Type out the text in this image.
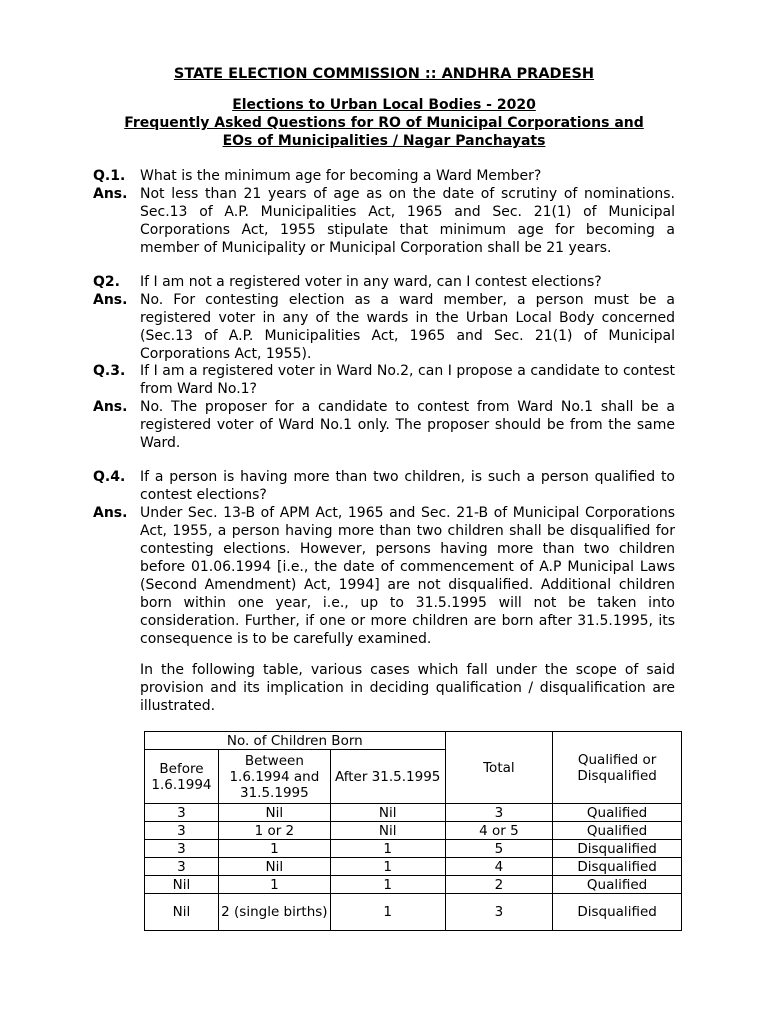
STATE ELECTION COMMISSION :: ANDHRA PRADESH
Elections to Urban Local Bodies - 2020
Frequently Asked Questions for RO of Municipal Corporations and
EOs of Municipalities / Nagar Panchayats
Q.1.	What is the minimum age for becoming a Ward Member?
Ans. Not less than 21 years of age as on the date of scrutiny of nominations. Sec.13 of A.P. Municipalities Act, 1965 and Sec. 21(1) of Municipal Corporations Act, 1955 stipulate that minimum age for becoming a member of Municipality or Municipal Corporation shall be 21 years.
Q2.	If I am not a registered voter in any ward, can I contest elections?
Ans. No. For contesting election as a ward member, a person must be a registered voter in any of the wards in the Urban Local Body concerned (Sec.13 of A.P. Municipalities Act, 1965 and Sec. 21(1) of Municipal Corporations Act, 1955).
Q.3.	If I am a registered voter in Ward No.2, can I propose a candidate to contest from Ward No.1?
Ans. No. The proposer for a candidate to contest from Ward No.1 shall be a registered voter of Ward No.1 only. The proposer should be from the same Ward.
Q.4.	If a person is having more than two children, is such a person qualified to contest elections?
Ans. Under Sec. 13-B of APM Act, 1965 and Sec. 21-B of Municipal Corporations Act, 1955, a person having more than two children shall be disqualified for contesting elections. However, persons having more than two children before 01.06.1994 [i.e., the date of commencement of A.P Municipal Laws (Second Amendment) Act, 1994] are not disqualified. Additional children born within one year, i.e., up to 31.5.1995 will not be taken into consideration. Further, if one or more children are born after 31.5.1995, its consequence is to be carefully examined.
In the following table, various cases which fall under the scope of said provision and its implication in deciding qualification / disqualification are illustrated.
No. of Children Born			Total	Qualified or Disqualified
Before 1.6.1994	Between 1.6.1994 and 31.5.1995	After 31.5.1995		
3	Nil	Nil	3	Qualified
3	1 or 2	Nil	4 or 5	Qualified
3	1	1	5	Disqualified
3	Nil	1	4	Disqualified
Nil	1	1	2	Qualified
Nil	2 (single births)	1	3	Disqualified
